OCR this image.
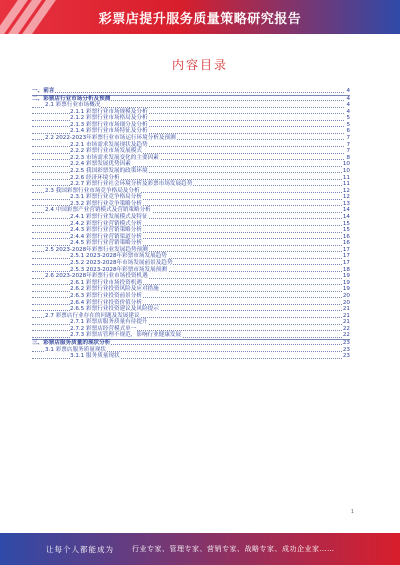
彩票店提升服务质量策略研究报告
内容目录
一、前言	4
二、彩票店行业市场分析及预测	4
2.1 彩票行业市场概况	4
2.1.1 彩票行业市场规模及分析	4
2.1.2 彩票行业市场格局及分析	5
2.1.3 彩票行业市场细分及分析	5
2.1.4 彩票行业市场特征及分析	6
2.2 2022-2023年彩票行业市场运行环境分析及预测	7
2.2.1 市场需求发展现状及趋势	7
2.2.2 彩票行业市场发展模式	7
2.2.3 市场需求发展变化的主要因素	8
2.2.4 彩票发展优势因素	10
2.2.5 我国彩票发展的政策环境	10
2.2.6 经济环境分析	11
2.2.7 彩票行业社会环境分析及彩票市场发展趋势	11
2.3 我国彩票行业市场竞争格局及分析	12
2.3.1 彩票行业竞争格局分析	12
2.3.2 彩票行业竞争策略分析	13
2.4 中国彩票产业营销模式及营销策略分析	14
2.4.1 彩票行业发展模式及特征	14
2.4.2 彩票行业营销模式分析	15
2.4.3 彩票行业营销策略分析	15
2.4.4 彩票行业营销渠道分析	16
2.4.5 彩票行业营销策略分析	16
2.5 2023-2028年彩票行业发展趋势预测	17
2.5.1 2023-2028年彩票市场发展趋势	17
2.5.2 2023-2028年市场发展前景及趋势	17
2.5.3 2023-2028年彩票市场发展预测	18
2.6 2023-2028年彩票行业市场投资机遇	19
2.6.1 彩票行业市场投资机遇	19
2.6.2 彩票行业投资风险及应对措施	19
2.6.3 彩票行业投资前景分析	20
2.6.4 彩票行业投资价值分析	20
2.6.5 彩票行业投资建议及风险提示	21
2.7 彩票店行业存在的问题及发展建议	21
2.7.1 彩票店服务质量有待提升	21
2.7.2 彩票店经营模式单一	22
2.7.3 彩票店管理不规范，影响行业健康发展	22
三、彩票店服务质量的现状分析	23
3.1 彩票店服务质量现状	23
3.1.1 服务质量现状	23
1
让每个人都能成为	行业专家、管理专家、营销专家、战略专家、成功企业家……
